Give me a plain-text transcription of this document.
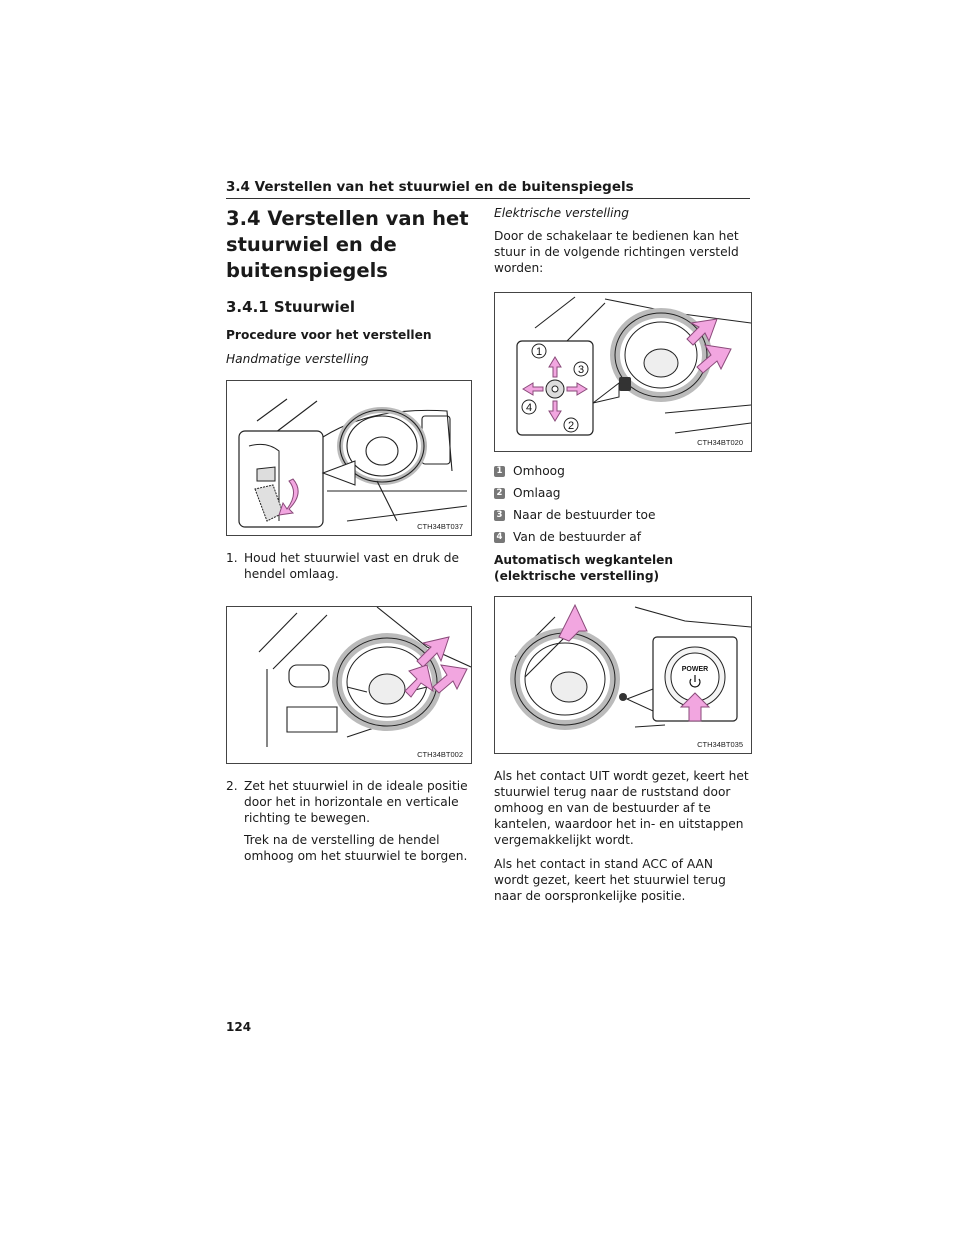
3.4 Verstellen van het stuurwiel en de buitenspiegels
3.4 Verstellen van het stuurwiel en de buitenspiegels
3.4.1 Stuurwiel
Procedure voor het verstellen
Handmatige verstelling
CTH34BT037
1. Houd het stuurwiel vast en druk de hendel omlaag.
CTH34BT002
2. Zet het stuurwiel in de ideale positie door het in horizontale en verticale richting te bewegen.
Trek na de verstelling de hendel omhoog om het stuurwiel te borgen.
Elektrische verstelling

Door de schakelaar te bedienen kan het stuur in de volgende richtingen versteld worden:

1
2
3
4
CTH34BT020
1 Omhoog
2 Omlaag
3 Naar de bestuurder toe
4 Van de bestuurder af
Automatisch wegkantelen (elektrische verstelling)
POWER
CTH34BT035

Als het contact UIT wordt gezet, keert het stuurwiel terug naar de ruststand door omhoog en van de bestuurder af te kantelen, waardoor het in- en uitstappen vergemakkelijkt wordt.

Als het contact in stand ACC of AAN wordt gezet, keert het stuurwiel terug naar de oorspronkelijke positie.

124
